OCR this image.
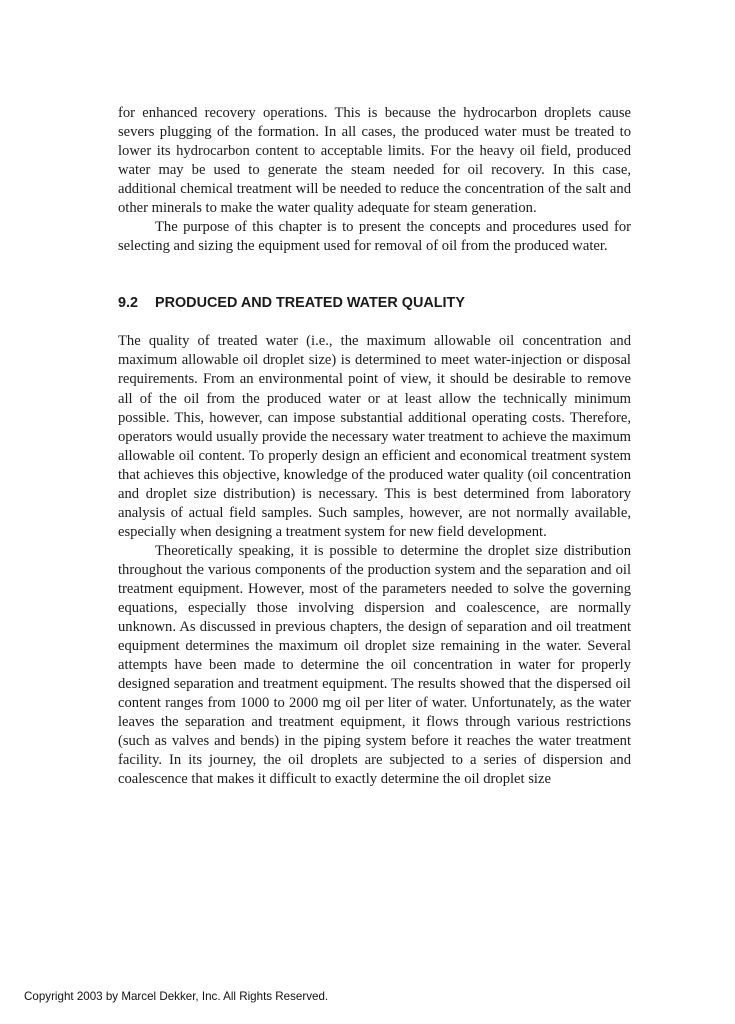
for enhanced recovery operations. This is because the hydrocarbon droplets cause severs plugging of the formation. In all cases, the produced water must be treated to lower its hydrocarbon content to acceptable limits. For the heavy oil field, produced water may be used to generate the steam needed for oil recovery. In this case, additional chemical treatment will be needed to reduce the concentration of the salt and other minerals to make the water quality adequate for steam generation.

The purpose of this chapter is to present the concepts and procedures used for selecting and sizing the equipment used for removal of oil from the produced water.

9.2 PRODUCED AND TREATED WATER QUALITY

The quality of treated water (i.e., the maximum allowable oil concentration and maximum allowable oil droplet size) is determined to meet water-injection or disposal requirements. From an environmental point of view, it should be desirable to remove all of the oil from the produced water or at least allow the technically minimum possible. This, however, can impose substantial additional operating costs. Therefore, operators would usually provide the necessary water treatment to achieve the maximum allowable oil content. To properly design an efficient and economical treatment system that achieves this objective, knowledge of the produced water quality (oil concentration and droplet size distribution) is necessary. This is best determined from laboratory analysis of actual field samples. Such samples, however, are not normally available, especially when designing a treatment system for new field development.

Theoretically speaking, it is possible to determine the droplet size distribution throughout the various components of the production system and the separation and oil treatment equipment. However, most of the parameters needed to solve the governing equations, especially those involving dispersion and coalescence, are normally unknown. As discussed in previous chapters, the design of separation and oil treatment equipment determines the maximum oil droplet size remaining in the water. Several attempts have been made to determine the oil concentration in water for properly designed separation and treatment equipment. The results showed that the dispersed oil content ranges from 1000 to 2000 mg oil per liter of water. Unfortunately, as the water leaves the separation and treatment equipment, it flows through various restrictions (such as valves and bends) in the piping system before it reaches the water treatment facility. In its journey, the oil droplets are subjected to a series of dispersion and coalescence that makes it difficult to exactly determine the oil droplet size

Copyright 2003 by Marcel Dekker, Inc. All Rights Reserved.
